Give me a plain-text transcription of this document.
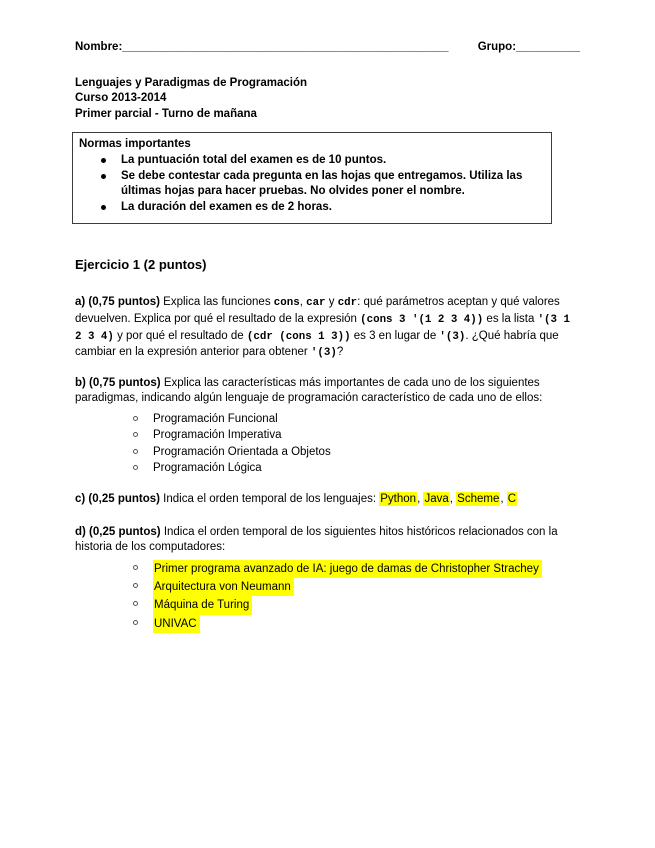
Nombre: ___________________________________________________	Grupo:__________
Lenguajes y Paradigmas de Programación
Curso 2013-2014
Primer parcial - Turno de mañana
Normas importantes
La puntuación total del examen es de 10 puntos.
Se debe contestar cada pregunta en las hojas que entregamos. Utiliza las últimas hojas para hacer pruebas. No olvides poner el nombre.
La duración del examen es de 2 horas.
Ejercicio 1 (2 puntos)

a) (0,75 puntos) Explica las funciones cons, car y cdr: qué parámetros aceptan y qué valores devuelven. Explica por qué el resultado de la expresión (cons 3 '(1 2 3 4)) es la lista '(3 1 2 3 4) y por qué el resultado de (cdr (cons 1 3)) es 3 en lugar de '(3). ¿Qué habría que cambiar en la expresión anterior para obtener '(3)?

b) (0,75 puntos) Explica las características más importantes de cada uno de los siguientes paradigmas, indicando algún lenguaje de programación característico de cada uno de ellos:

Programación Funcional
Programación Imperativa
Programación Orientada a Objetos
Programación Lógica

c) (0,25 puntos) Indica el orden temporal de los lenguajes: Python, Java, Scheme, C

d) (0,25 puntos) Indica el orden temporal de los siguientes hitos históricos relacionados con la historia de los computadores:

Primer programa avanzado de IA: juego de damas de Christopher Strachey
Arquitectura von Neumann
Máquina de Turing
UNIVAC
